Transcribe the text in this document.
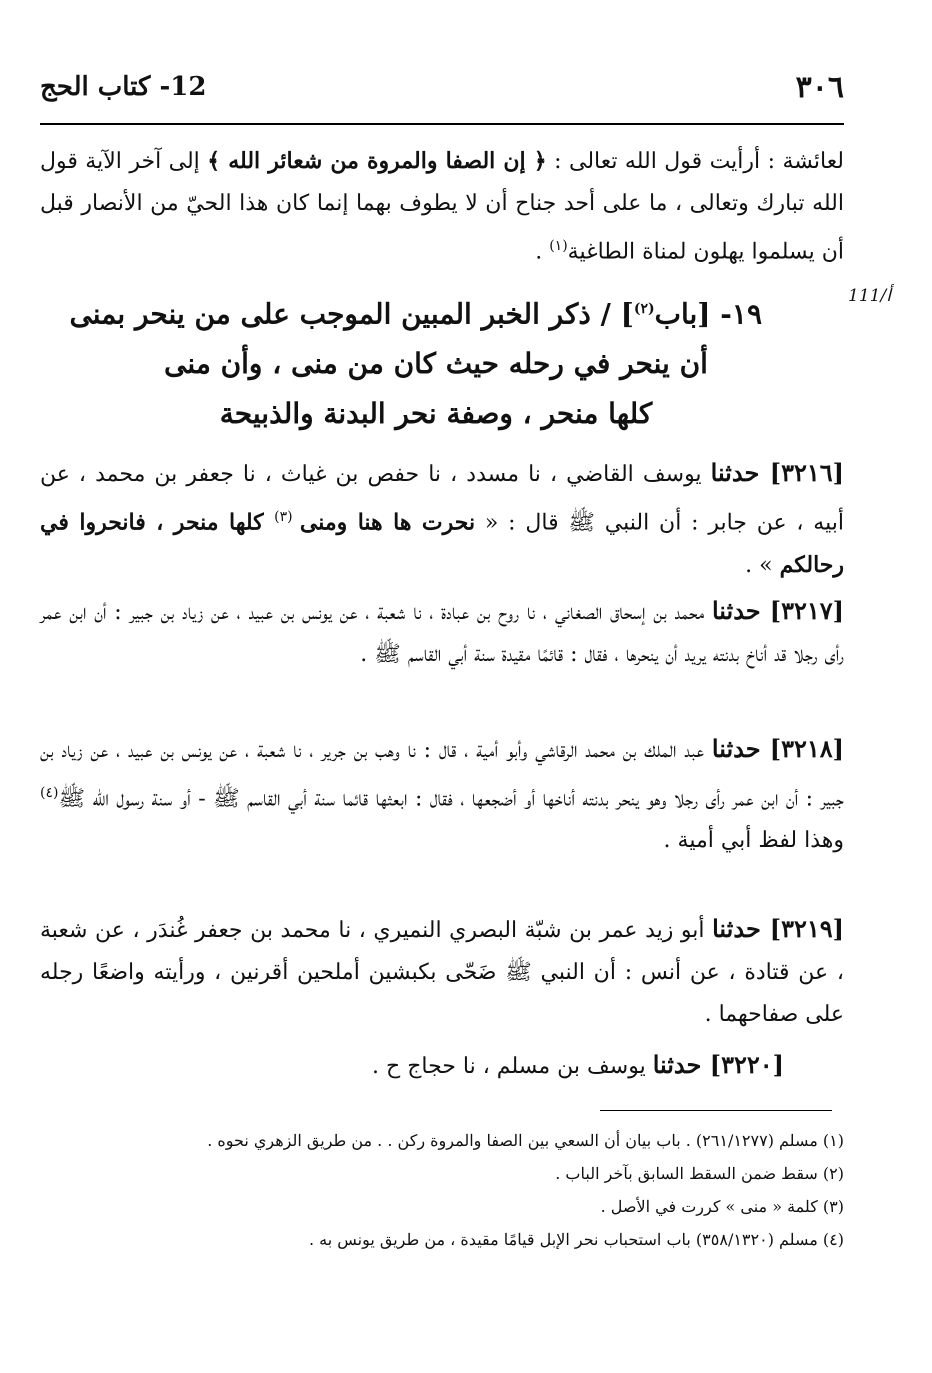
٣٠٦
12- كتاب الحج

لعائشة : أرأيت قول الله تعالى : ﴿ إن الصفا والمروة من شعائر الله ﴾ إلى آخر الآية قول الله تبارك وتعالى ، ما على أحد جناح أن لا يطوف بهما إنما كان هذا الحيّ من الأنصار قبل أن يسلموا يهلون لمناة الطاغية$^{(١)}$ .

111/أ
١٩- [باب$^{(٢)}$] / ذكر الخبر المبين الموجب على من ينحر بمنى
أن ينحر في رحله حيث كان من منى ، وأن منى
كلها منحر ، وصفة نحر البدنة والذبيحة

[٣٢١٦] حدثنا يوسف القاضي ، نا مسدد ، نا حفص بن غياث ، نا جعفر بن محمد ، عن أبيه ، عن جابر : أن النبي ﷺ قال : « نحرت ها هنا ومنى $^{(٣)}$ كلها منحر ، فانحروا في رحالكم » .

[٣٢١٧] حدثنا محمد بن إسحاق الصغاني ، نا روح بن عبادة ، نا شعبة ، عن يونس بن عبيد ، عن زياد بن جبير : أن ابن عمر رأى رجلا قد أناخ بدنته يريد أن ينحرها ، فقال : قائمًا مقيدة سنة أبي القاسم ﷺ .

[٣٢١٨] حدثنا عبد الملك بن محمد الرقاشي وأبو أمية ، قال : نا وهب بن جرير ، نا شعبة ، عن يونس بن عبيد ، عن زياد بن جبير : أن ابن عمر رأى رجلا وهو ينحر بدنته أناخها أو أضجعها ، فقال : ابعثها قائما سنة أبي القاسم ﷺ - أو سنة رسول الله ﷺ$^{(٤)}$ وهذا لفظ أبي أمية .

[٣٢١٩] حدثنا أبو زيد عمر بن شبّة البصري النميري ، نا محمد بن جعفر غُندَر ، عن شعبة ، عن قتادة ، عن أنس : أن النبي ﷺ ضَحّى بكبشين أملحين أقرنين ، ورأيته واضعًا رجله على صفاحهما .

[٣٢٢٠] حدثنا يوسف بن مسلم ، نا حجاج ح .

(١) مسلم (٢٦١/١٢٧٧) . باب بيان أن السعي بين الصفا والمروة ركن . . من طريق الزهري نحوه .
(٢) سقط ضمن السقط السابق بآخر الباب .
(٣) كلمة « منى » كررت في الأصل .
(٤) مسلم (٣٥٨/١٣٢٠) باب استحباب نحر الإبل قيامًا مقيدة ، من طريق يونس به .
